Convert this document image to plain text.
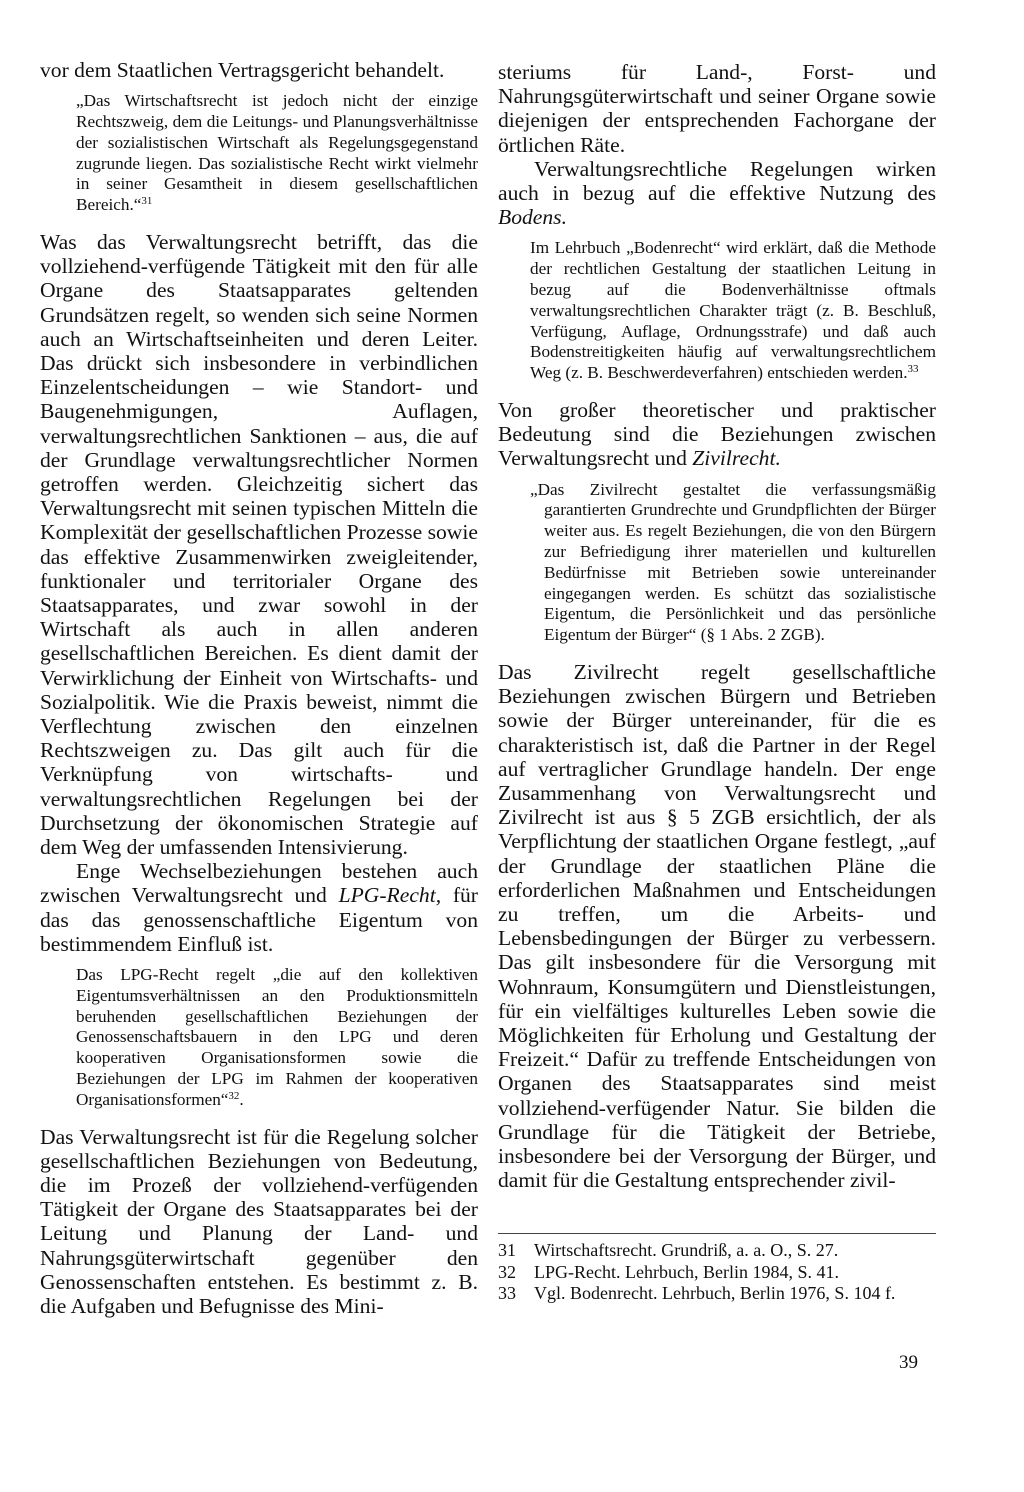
vor dem Staatlichen Vertragsgericht behandelt.

„Das Wirtschaftsrecht ist jedoch nicht der einzige Rechtszweig, dem die Leitungs- und Planungsverhältnisse der sozialistischen Wirtschaft als Regelungsgegenstand zugrunde liegen. Das sozialistische Recht wirkt vielmehr in seiner Gesamtheit in diesem gesellschaftlichen Bereich.“$^{31}$

Was das Verwaltungsrecht betrifft, das die vollziehend-verfügende Tätigkeit mit den für alle Organe des Staatsapparates geltenden Grundsätzen regelt, so wenden sich seine Normen auch an Wirtschaftseinheiten und deren Leiter. Das drückt sich insbesondere in verbindlichen Einzelentscheidungen – wie Standort- und Baugenehmigungen, Auflagen, verwaltungsrechtlichen Sanktionen – aus, die auf der Grundlage verwaltungsrechtlicher Normen getroffen werden. Gleichzeitig sichert das Verwaltungsrecht mit seinen typischen Mitteln die Komplexität der gesellschaftlichen Prozesse sowie das effektive Zusammenwirken zweigleitender, funktionaler und territorialer Organe des Staatsapparates, und zwar sowohl in der Wirtschaft als auch in allen anderen gesellschaftlichen Bereichen. Es dient damit der Verwirklichung der Einheit von Wirtschafts- und Sozialpolitik. Wie die Praxis beweist, nimmt die Verflechtung zwischen den einzelnen Rechtszweigen zu. Das gilt auch für die Verknüpfung von wirtschafts- und verwaltungsrechtlichen Regelungen bei der Durchsetzung der ökonomischen Strategie auf dem Weg der umfassenden Intensivierung.

Enge Wechselbeziehungen bestehen auch zwischen Verwaltungsrecht und LPG-Recht, für das das genossenschaftliche Eigentum von bestimmendem Einfluß ist.

Das LPG-Recht regelt „die auf den kollektiven Eigentumsverhältnissen an den Produktionsmitteln beruhenden gesellschaftlichen Beziehungen der Genossenschaftsbauern in den LPG und deren kooperativen Organisationsformen sowie die Beziehungen der LPG im Rahmen der kooperativen Organisationsformen“$^{32}$.

Das Verwaltungsrecht ist für die Regelung solcher gesellschaftlichen Beziehungen von Bedeutung, die im Prozeß der vollziehend-verfügenden Tätigkeit der Organe des Staatsapparates bei der Leitung und Planung der Land- und Nahrungsgüterwirtschaft gegenüber den Genossenschaften entstehen. Es bestimmt z. B. die Aufgaben und Befugnisse des Mini-

steriums für Land-, Forst- und Nahrungsgüterwirtschaft und seiner Organe sowie diejenigen der entsprechenden Fachorgane der örtlichen Räte.

Verwaltungsrechtliche Regelungen wirken auch in bezug auf die effektive Nutzung des Bodens.

Im Lehrbuch „Bodenrecht“ wird erklärt, daß die Methode der rechtlichen Gestaltung der staatlichen Leitung in bezug auf die Bodenverhältnisse oftmals verwaltungsrechtlichen Charakter trägt (z. B. Beschluß, Verfügung, Auflage, Ordnungsstrafe) und daß auch Bodenstreitigkeiten häufig auf verwaltungsrechtlichem Weg (z. B. Beschwerdeverfahren) entschieden werden.$^{33}$

Von großer theoretischer und praktischer Bedeutung sind die Beziehungen zwischen Verwaltungsrecht und Zivilrecht.

„Das Zivilrecht gestaltet die verfassungsmäßig garantierten Grundrechte und Grundpflichten der Bürger weiter aus. Es regelt Beziehungen, die von den Bürgern zur Befriedigung ihrer materiellen und kulturellen Bedürfnisse mit Betrieben sowie untereinander eingegangen werden. Es schützt das sozialistische Eigentum, die Persönlichkeit und das persönliche Eigentum der Bürger“ (§ 1 Abs. 2 ZGB).

Das Zivilrecht regelt gesellschaftliche Beziehungen zwischen Bürgern und Betrieben sowie der Bürger untereinander, für die es charakteristisch ist, daß die Partner in der Regel auf vertraglicher Grundlage handeln. Der enge Zusammenhang von Verwaltungsrecht und Zivilrecht ist aus § 5 ZGB ersichtlich, der als Verpflichtung der staatlichen Organe festlegt, „auf der Grundlage der staatlichen Pläne die erforderlichen Maßnahmen und Entscheidungen zu treffen, um die Arbeits- und Lebensbedingungen der Bürger zu verbessern. Das gilt insbesondere für die Versorgung mit Wohnraum, Konsumgütern und Dienstleistungen, für ein vielfältiges kulturelles Leben sowie die Möglichkeiten für Erholung und Gestaltung der Freizeit.“ Dafür zu treffende Entscheidungen von Organen des Staatsapparates sind meist vollziehend-verfügender Natur. Sie bilden die Grundlage für die Tätigkeit der Betriebe, insbesondere bei der Versorgung der Bürger, und damit für die Gestaltung entsprechender zivil-

31	Wirtschaftsrecht. Grundriß, a. a. O., S. 27.
32	LPG-Recht. Lehrbuch, Berlin 1984, S. 41.
33	Vgl. Bodenrecht. Lehrbuch, Berlin 1976, S. 104 f.
39
